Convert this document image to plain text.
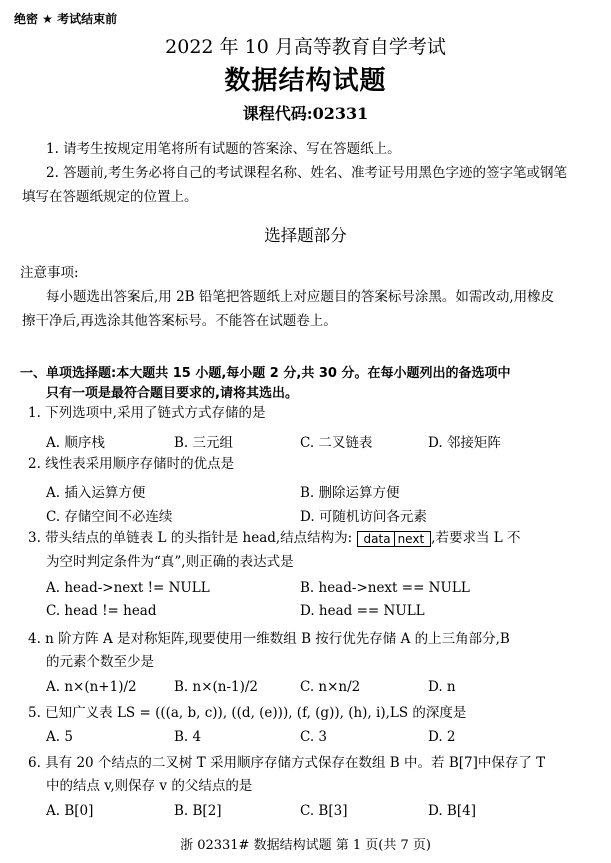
绝密 ★ 考试结束前
2022 年 10 月高等教育自学考试
数据结构试题
课程代码:02331
1. 请考生按规定用笔将所有试题的答案涂、写在答题纸上。
2. 答题前,考生务必将自己的考试课程名称、姓名、准考证号用黑色字迹的签字笔或钢笔
填写在答题纸规定的位置上。
选择题部分
注意事项:
每小题选出答案后,用 2B 铅笔把答题纸上对应题目的答案标号涂黑。如需改动,用橡皮
擦干净后,再选涂其他答案标号。不能答在试题卷上。
一、单项选择题:本大题共 15 小题,每小题 2 分,共 30 分。在每小题列出的备选项中
只有一项是最符合题目要求的,请将其选出。
1. 下列选项中,采用了链式方式存储的是
A. 顺序栈	B. 三元组	C. 二叉链表	D. 邻接矩阵
2. 线性表采用顺序存储时的优点是
A. 插入运算方便	B. 删除运算方便
C. 存储空间不必连续	D. 可随机访问各元素
3. 带头结点的单链表 L 的头指针是 head,结点结构为: data next ,若要求当 L 不
为空时判定条件为“真”,则正确的表达式是
A. head->next != NULL	B. head->next == NULL
C. head != head	D. head == NULL
4. n 阶方阵 A 是对称矩阵,现要使用一维数组 B 按行优先存储 A 的上三角部分,B
的元素个数至少是
A. n×(n+1)/2	B. n×(n-1)/2	C. n×n/2	D. n
5. 已知广义表 LS = (((a, b, c)), ((d, (e))), (f, (g)), (h), i),LS 的深度是
A. 5	B. 4	C. 3	D. 2
6. 具有 20 个结点的二叉树 T 采用顺序存储方式保存在数组 B 中。若 B[7]中保存了 T
中的结点 v,则保存 v 的父结点的是
A. B[0]	B. B[2]	C. B[3]	D. B[4]
浙 02331# 数据结构试题 第 1 页(共 7 页)
